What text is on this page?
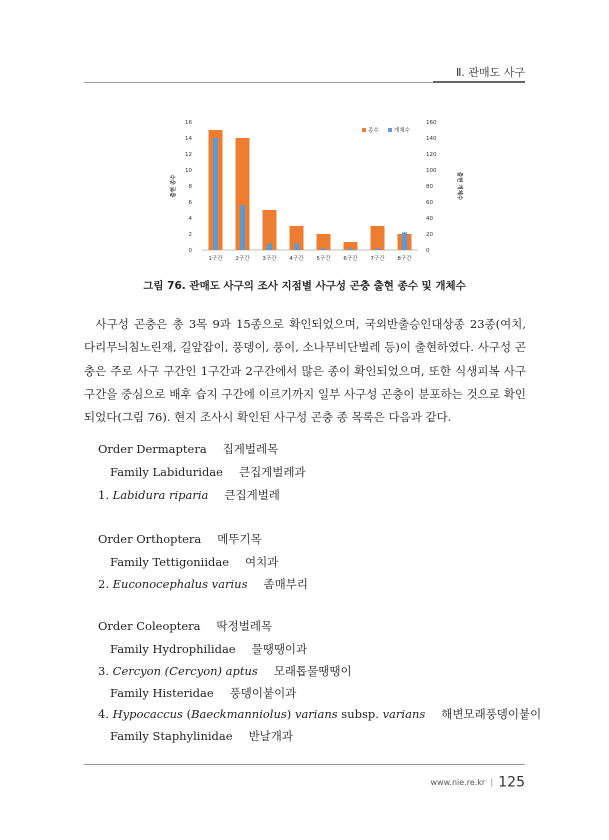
Ⅱ. 관매도 사구
0
2
4
6
8
10
12
14
16
0
20
40
60
80
100
120
140
160
출현 종수	출현 개체수
1구간 2구간 3구간 4구간 5구간 6구간 7구간 8구간
종수	개체수
그림 76. 관매도 사구의 조사 지점별 사구성 곤충 출현 종수 및 개체수
사구성 곤충은 총 3목 9과 15종으로 확인되었으며, 국외반출승인대상종 23종(여치, 다리무늬침노린재, 길앞잡이, 풍뎅이, 풍이, 소나무비단벌레 등)이 출현하였다. 사구성 곤충은 주로 사구 구간인 1구간과 2구간에서 많은 종이 확인되었으며, 또한 식생피복 사구 구간을 중심으로 배후 습지 구간에 이르기까지 일부 사구성 곤충이 분포하는 것으로 확인되었다(그림 76). 현지 조사시 확인된 사구성 곤충 종 목록은 다음과 같다.
Order Dermaptera 집게벌레목
Family Labiduridae 큰집게벌레과
1. Labidura riparia 큰집게벌레
Order Orthoptera 메뚜기목
Family Tettigoniidae 여치과
2. Euconocephalus varius 좀매부리
Order Coleoptera 딱정벌레목
Family Hydrophilidae 물땡땡이과
3. Cercyon (Cercyon) aptus 모래톱물땡땡이
Family Histeridae 풍뎅이붙이과
4. Hypocaccus (Baeckmanniolus) varians subsp. varians 해변모래풍뎅이붙이
Family Staphylinidae 반날개과
www.nie.re.kr | 125
